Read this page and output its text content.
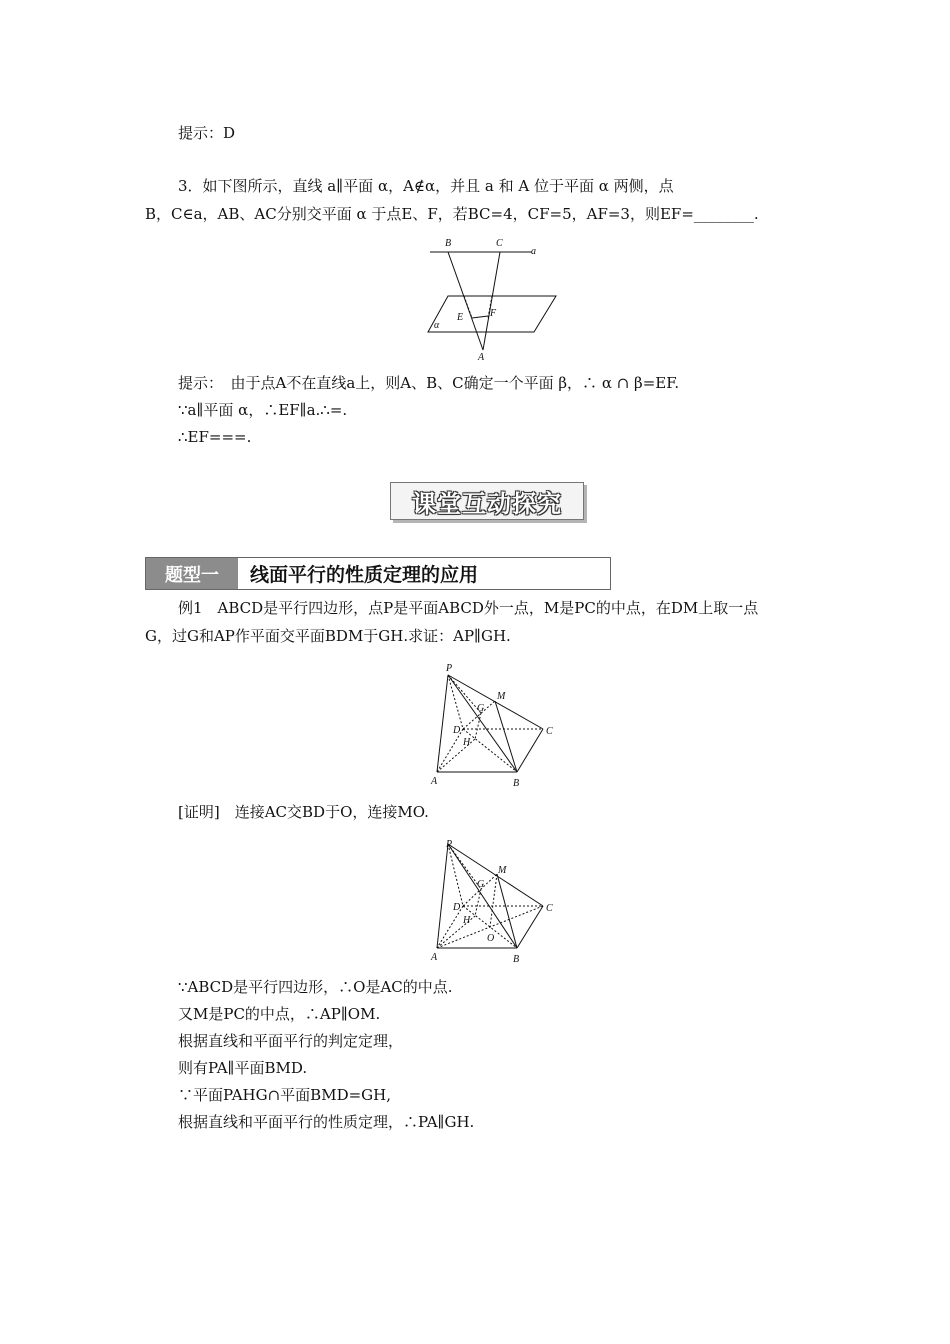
提示：D
3．如下图所示，直线 a∥平面 α，A∉α，并且 a 和 A 位于平面 α 两侧，点
B，C∈a，AB、AC分别交平面 α 于点E、F，若BC=4，CF=5，AF=3，则EF=________.
B	C
a
α
E	F
A
提示：　由于点A不在直线a上，则A、B、C确定一个平面 β，∴ α ∩ β=EF.
∵a∥平面 α，∴EF∥a.∴=.
∴EF===.
课堂互动探究
题型一	线面平行的性质定理的应用
例1　ABCD是平行四边形，点P是平面ABCD外一点，M是PC的中点，在DM上取一点
G，过G和AP作平面交平面BDM于GH.求证：AP∥GH.
P
M
G
D
H
C
A	B
[证明]　连接AC交BD于O，连接MO.
P
M
G
D
H
C
O
A	B
∵ABCD是平行四边形，∴O是AC的中点.
又M是PC的中点，∴AP∥OM.
根据直线和平面平行的判定定理，
则有PA∥平面BMD.
∵平面PAHG∩平面BMD=GH,
根据直线和平面平行的性质定理，∴PA∥GH.
